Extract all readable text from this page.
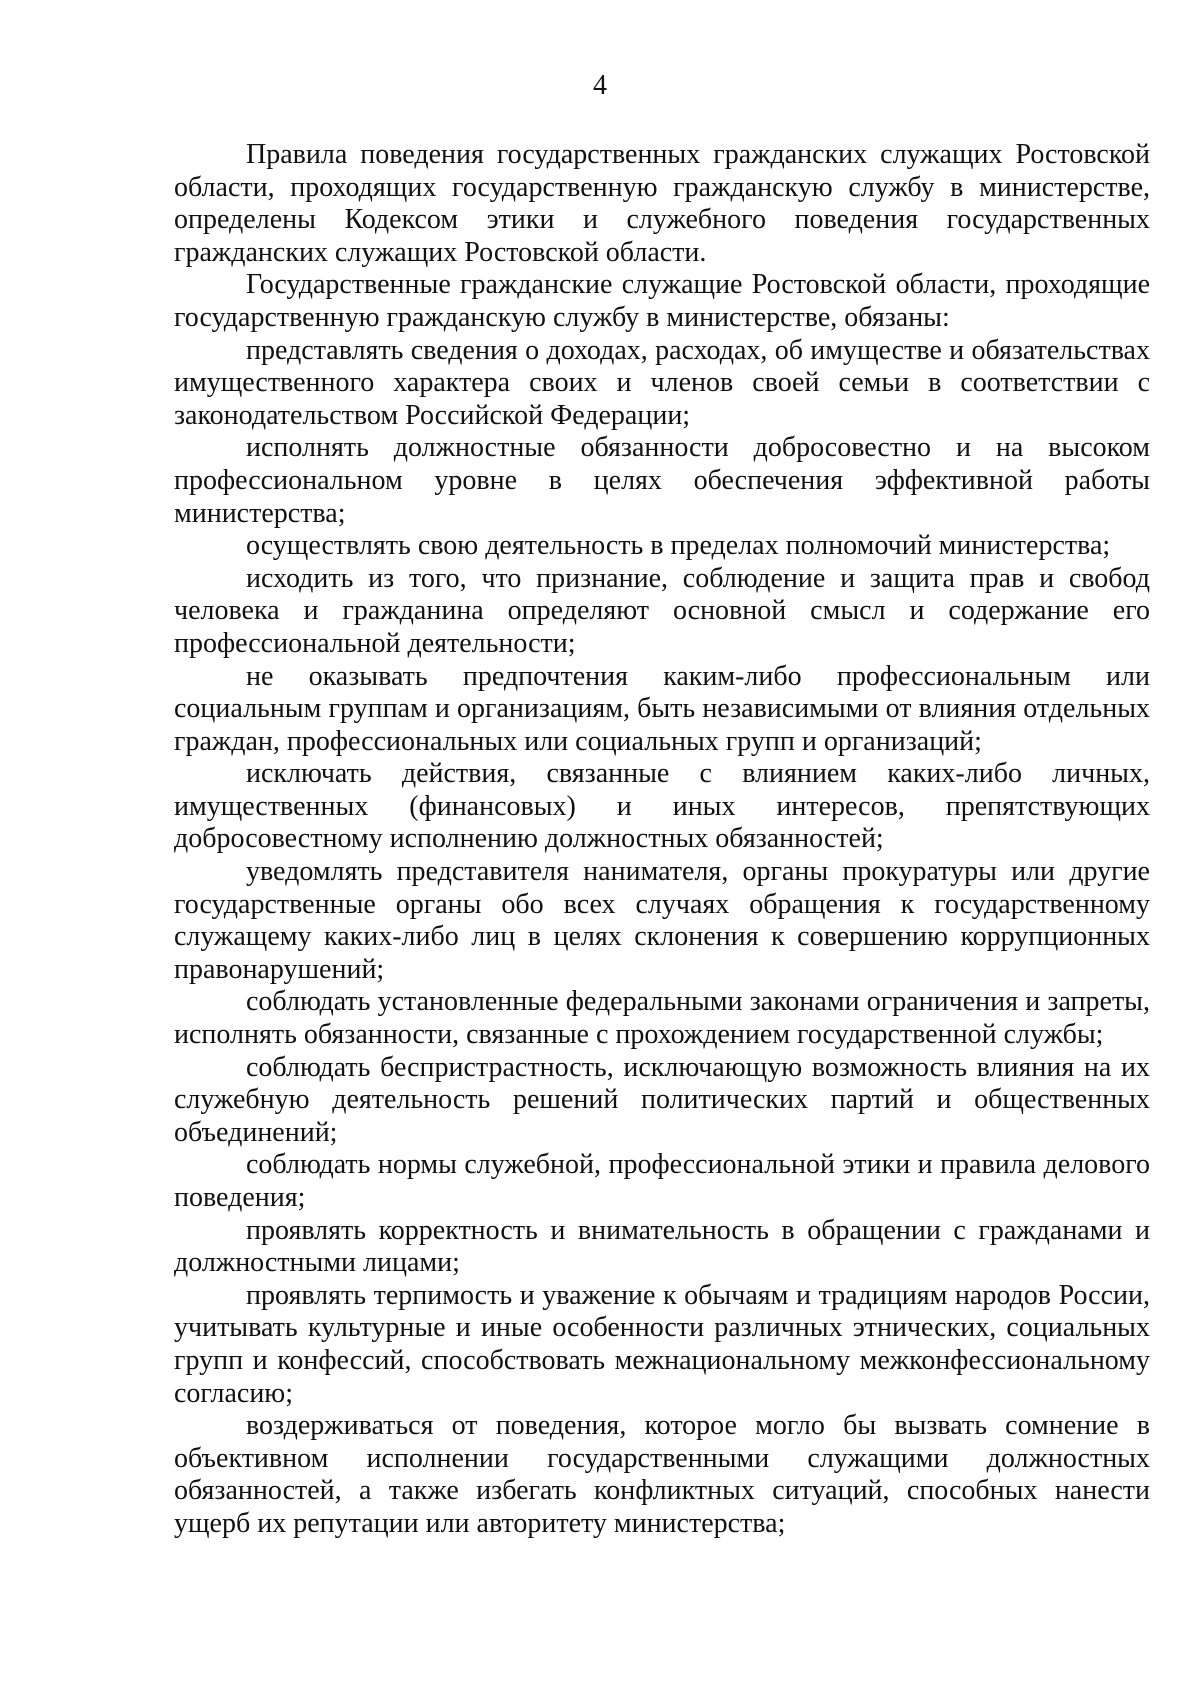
4

Правила поведения государственных гражданских служащих Ростовской области, проходящих государственную гражданскую службу в министерстве, определены Кодексом этики и служебного поведения государственных гражданских служащих Ростовской области.

Государственные гражданские служащие Ростовской области, проходящие государственную гражданскую службу в министерстве, обязаны:

представлять сведения о доходах, расходах, об имуществе и обязательствах имущественного характера своих и членов своей семьи в соответствии с законодательством Российской Федерации;

исполнять должностные обязанности добросовестно и на высоком профессиональном уровне в целях обеспечения эффективной работы министерства;

осуществлять свою деятельность в пределах полномочий министерства;

исходить из того, что признание, соблюдение и защита прав и свобод человека и гражданина определяют основной смысл и содержание его профессиональной деятельности;

не оказывать предпочтения каким-либо профессиональным или социальным группам и организациям, быть независимыми от влияния отдельных граждан, профессиональных или социальных групп и организаций;

исключать действия, связанные с влиянием каких-либо личных, имущественных (финансовых) и иных интересов, препятствующих добросовестному исполнению должностных обязанностей;

уведомлять представителя нанимателя, органы прокуратуры или другие государственные органы обо всех случаях обращения к государственному служащему каких-либо лиц в целях склонения к совершению коррупционных правонарушений;

соблюдать установленные федеральными законами ограничения и запреты, исполнять обязанности, связанные с прохождением государственной службы;

соблюдать беспристрастность, исключающую возможность влияния на их служебную деятельность решений политических партий и общественных объединений;

соблюдать нормы служебной, профессиональной этики и правила делового поведения;

проявлять корректность и внимательность в обращении с гражданами и должностными лицами;

проявлять терпимость и уважение к обычаям и традициям народов России, учитывать культурные и иные особенности различных этнических, социальных групп и конфессий, способствовать межнациональному межконфессиональному согласию;

воздерживаться от поведения, которое могло бы вызвать сомнение в объективном исполнении государственными служащими должностных обязанностей, а также избегать конфликтных ситуаций, способных нанести ущерб их репутации или авторитету министерства;
